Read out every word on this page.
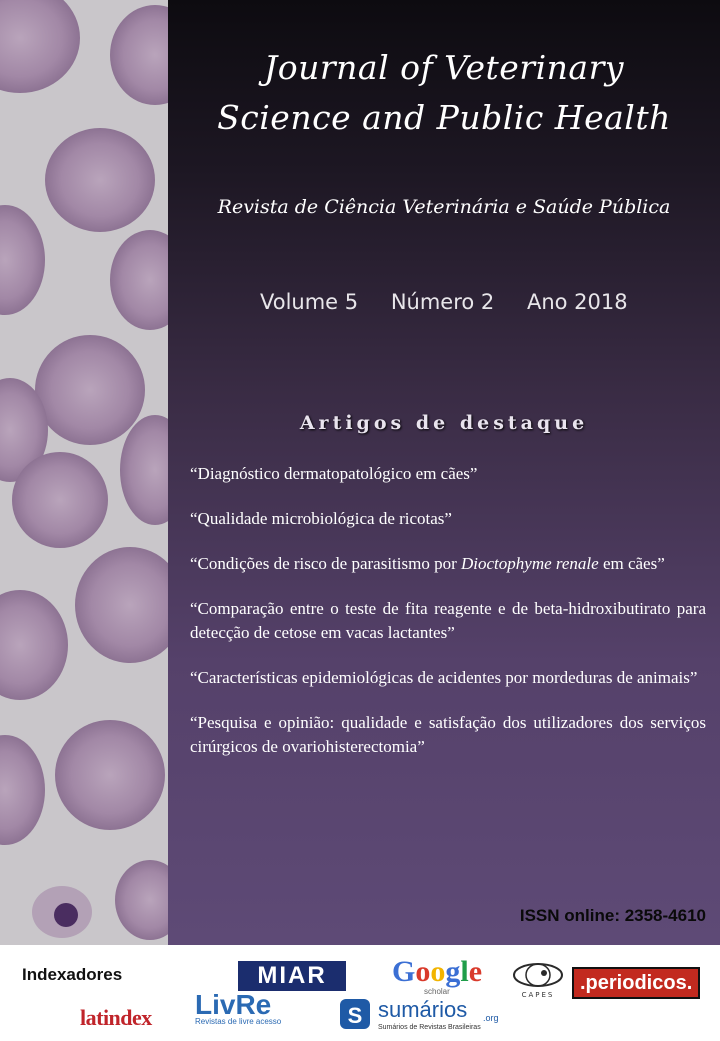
Journal of Veterinary
Science and Public Health
Revista de Ciência Veterinária e Saúde Pública
Volume 5 Número 2 Ano 2018
Artigos de destaque
“Diagnóstico dermatopatológico em cães”
“Qualidade microbiológica de ricotas”
“Condições de risco de parasitismo por Dioctophyme renale em cães”
“Comparação entre o teste de fita reagente e de beta-hidroxibutirato para detecção de cetose em vacas lactantes”
“Características epidemiológicas de acidentes por mordeduras de animais”
“Pesquisa e opinião: qualidade e satisfação dos utilizadores dos serviços cirúrgicos de ovariohisterectomia”
ISSN online: 2358-4610
Indexadores	MIAR	Google
scholar	CAPES
.periodicos.
latindex LivRe
Revistas de livre acesso	S sumários .org
Sumários de Revistas Brasileiras
